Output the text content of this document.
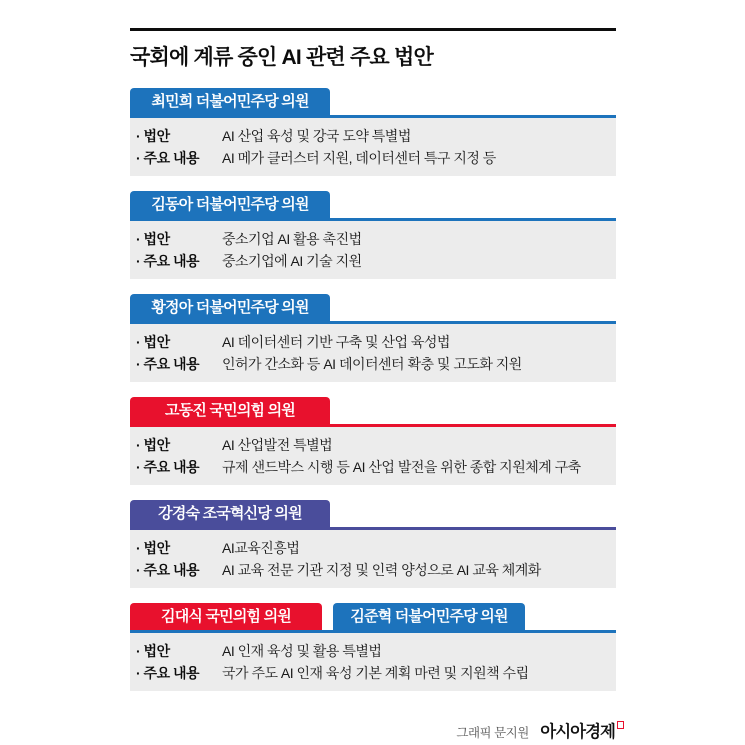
국회에 계류 중인 AI 관련 주요 법안
최민희 더불어민주당 의원
· 법안	AI 산업 육성 및 강국 도약 특별법
· 주요 내용	AI 메가 클러스터 지원, 데이터센터 특구 지정 등
김동아 더불어민주당 의원
· 법안	중소기업 AI 활용 촉진법
· 주요 내용	중소기업에 AI 기술 지원
황정아 더불어민주당 의원
· 법안	AI 데이터센터 기반 구축 및 산업 육성법
· 주요 내용	인허가 간소화 등 AI 데이터센터 확충 및 고도화 지원
고동진 국민의힘 의원
· 법안	AI 산업발전 특별법
· 주요 내용	규제 샌드박스 시행 등 AI 산업 발전을 위한 종합 지원체계 구축
강경숙 조국혁신당 의원
· 법안	AI교육진흥법
· 주요 내용	AI 교육 전문 기관 지정 및 인력 양성으로 AI 교육 체계화
김대식 국민의힘 의원	김준혁 더불어민주당 의원
· 법안	AI 인재 육성 및 활용 특별법
· 주요 내용	국가 주도 AI 인재 육성 기본 계획 마련 및 지원책 수립
그래픽 문지원 아시아경제
